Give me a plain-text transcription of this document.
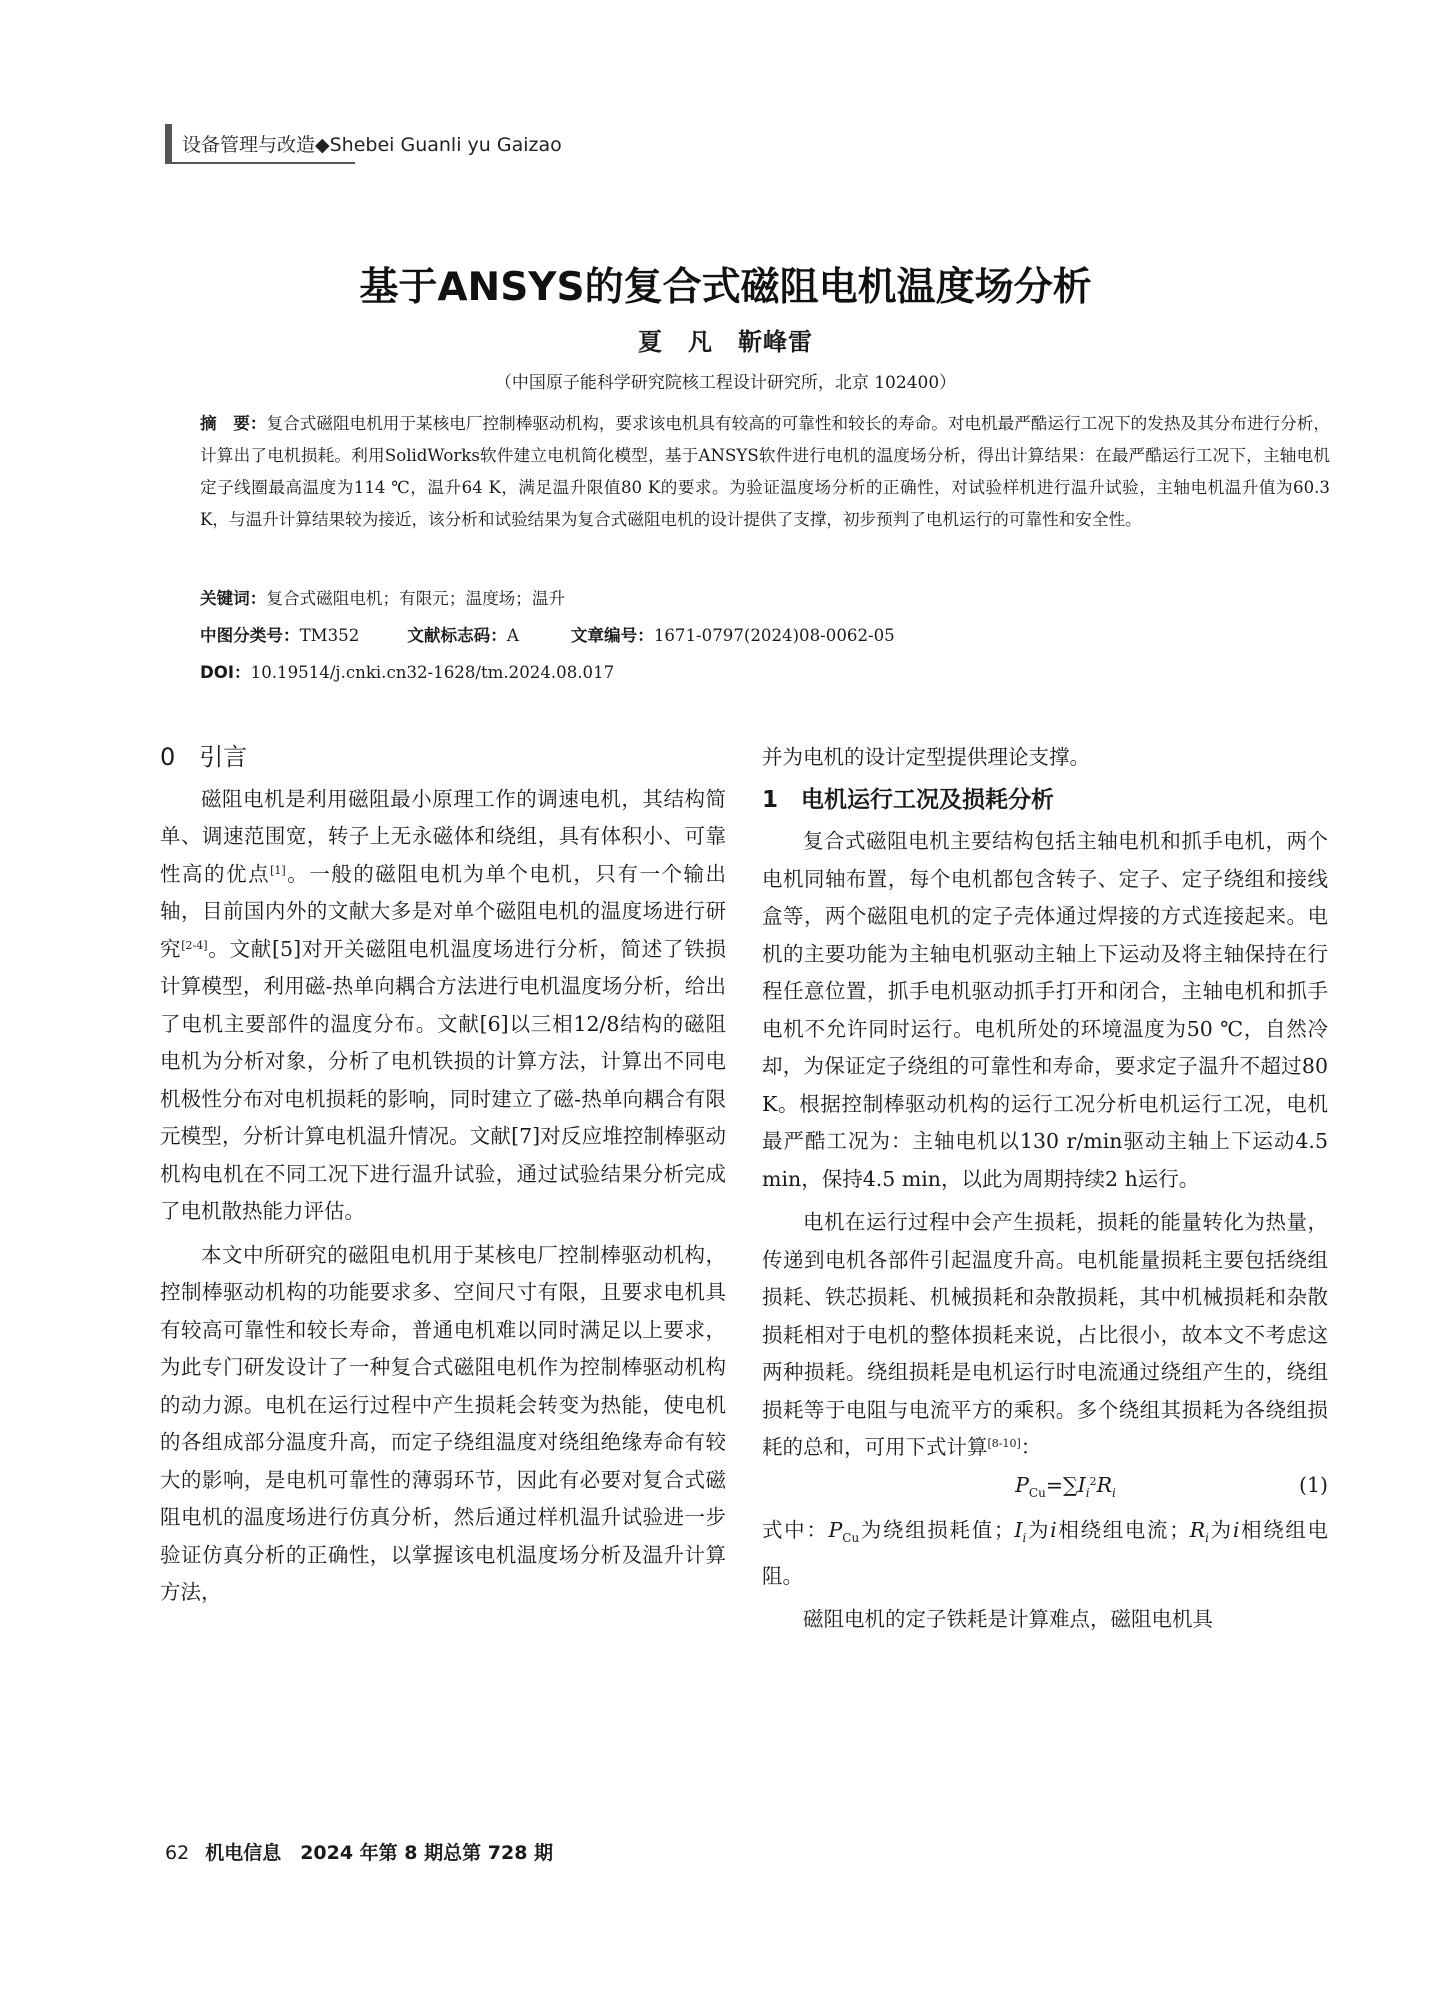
设备管理与改造◆Shebei Guanli yu Gaizao
基于ANSYS的复合式磁阻电机温度场分析
夏　凡　靳峰雷
（中国原子能科学研究院核工程设计研究所，北京 102400）
摘　要：复合式磁阻电机用于某核电厂控制棒驱动机构，要求该电机具有较高的可靠性和较长的寿命。对电机最严酷运行工况下的发热及其分布进行分析，计算出了电机损耗。利用SolidWorks软件建立电机简化模型，基于ANSYS软件进行电机的温度场分析，得出计算结果：在最严酷运行工况下，主轴电机定子线圈最高温度为114 ℃，温升64 K，满足温升限值80 K的要求。为验证温度场分析的正确性，对试验样机进行温升试验，主轴电机温升值为60.3 K，与温升计算结果较为接近，该分析和试验结果为复合式磁阻电机的设计提供了支撑，初步预判了电机运行的可靠性和安全性。
关键词：复合式磁阻电机；有限元；温度场；温升
中图分类号：TM352	文献标志码：A	文章编号：1671-0797(2024)08-0062-05
DOI：10.19514/j.cnki.cn32-1628/tm.2024.08.017
0　引言

磁阻电机是利用磁阻最小原理工作的调速电机，其结构简单、调速范围宽，转子上无永磁体和绕组，具有体积小、可靠性高的优点[1]。一般的磁阻电机为单个电机，只有一个输出轴，目前国内外的文献大多是对单个磁阻电机的温度场进行研究[2-4]。文献[5]对开关磁阻电机温度场进行分析，简述了铁损计算模型，利用磁-热单向耦合方法进行电机温度场分析，给出了电机主要部件的温度分布。文献[6]以三相12/8结构的磁阻电机为分析对象，分析了电机铁损的计算方法，计算出不同电机极性分布对电机损耗的影响，同时建立了磁-热单向耦合有限元模型，分析计算电机温升情况。文献[7]对反应堆控制棒驱动机构电机在不同工况下进行温升试验，通过试验结果分析完成了电机散热能力评估。

本文中所研究的磁阻电机用于某核电厂控制棒驱动机构，控制棒驱动机构的功能要求多、空间尺寸有限，且要求电机具有较高可靠性和较长寿命，普通电机难以同时满足以上要求，为此专门研发设计了一种复合式磁阻电机作为控制棒驱动机构的动力源。电机在运行过程中产生损耗会转变为热能，使电机的各组成部分温度升高，而定子绕组温度对绕组绝缘寿命有较大的影响，是电机可靠性的薄弱环节，因此有必要对复合式磁阻电机的温度场进行仿真分析，然后通过样机温升试验进一步验证仿真分析的正确性，以掌握该电机温度场分析及温升计算方法，

并为电机的设计定型提供理论支撑。

1　电机运行工况及损耗分析

复合式磁阻电机主要结构包括主轴电机和抓手电机，两个电机同轴布置，每个电机都包含转子、定子、定子绕组和接线盒等，两个磁阻电机的定子壳体通过焊接的方式连接起来。电机的主要功能为主轴电机驱动主轴上下运动及将主轴保持在行程任意位置，抓手电机驱动抓手打开和闭合，主轴电机和抓手电机不允许同时运行。电机所处的环境温度为50 ℃，自然冷却，为保证定子绕组的可靠性和寿命，要求定子温升不超过80 K。根据控制棒驱动机构的运行工况分析电机运行工况，电机最严酷工况为：主轴电机以130 r/min驱动主轴上下运动4.5 min，保持4.5 min，以此为周期持续2 h运行。

电机在运行过程中会产生损耗，损耗的能量转化为热量，传递到电机各部件引起温度升高。电机能量损耗主要包括绕组损耗、铁芯损耗、机械损耗和杂散损耗，其中机械损耗和杂散损耗相对于电机的整体损耗来说，占比很小，故本文不考虑这两种损耗。绕组损耗是电机运行时电流通过绕组产生的，绕组损耗等于电阻与电流平方的乘积。多个绕组其损耗为各绕组损耗的总和，可用下式计算[8-10]：

$P_{Cu}=\sum I_i^2R_i$	(1)

式中：$P_{Cu}$为绕组损耗值；$I_i$为i相绕组电流；$R_i$为i相绕组电阻。

磁阻电机的定子铁耗是计算难点，磁阻电机具

62 机电信息　2024 年第 8 期总第 728 期
